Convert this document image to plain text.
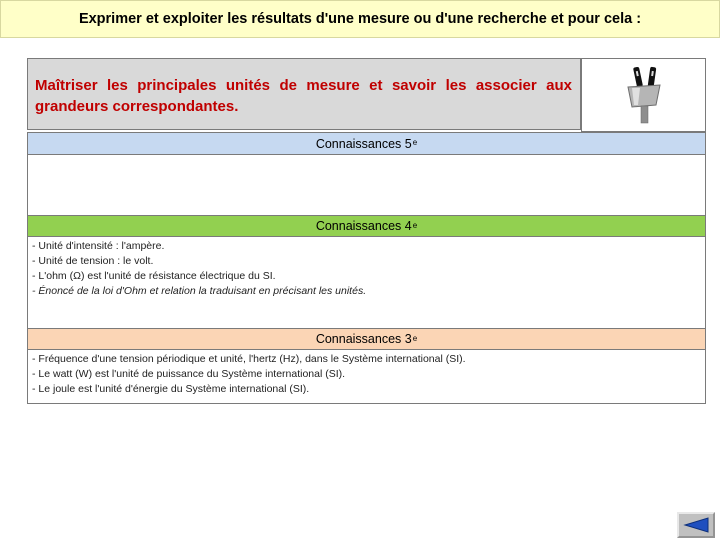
Exprimer et exploiter les résultats d'une mesure ou d'une recherche et pour cela :
Maîtriser les principales unités de mesure et savoir les associer aux grandeurs correspondantes.
Connaissances 5e
Connaissances 4e
- Unité d'intensité : l'ampère.
- Unité de tension : le volt.
- L'ohm (Ω) est l'unité de résistance électrique du SI.
- Énoncé de la loi d'Ohm et relation la traduisant en précisant les unités.
Connaissances 3e
- Fréquence d'une tension périodique et unité, l'hertz (Hz), dans le Système international (SI).
- Le watt (W) est l'unité de puissance du Système international (SI).
- Le joule est l'unité d'énergie du Système international (SI).
